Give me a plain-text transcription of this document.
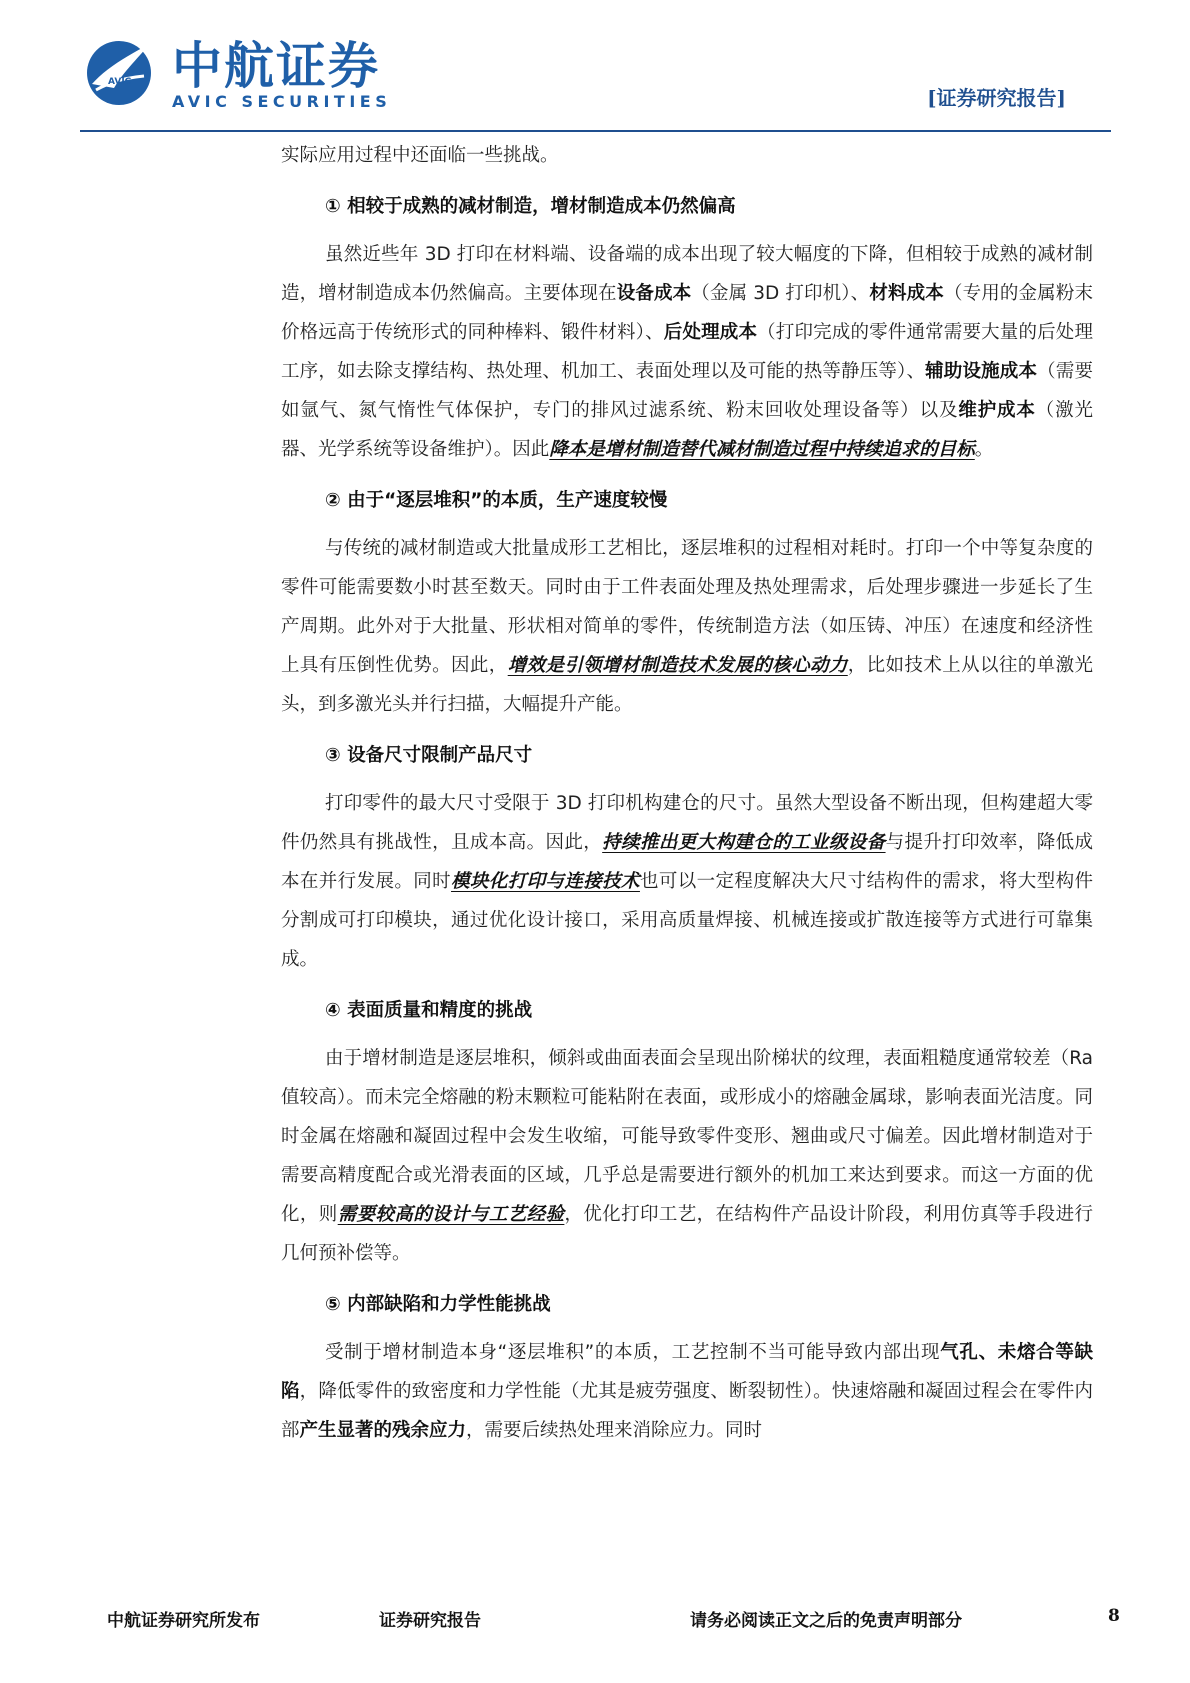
AVIC 中航证券
AVIC SECURITIES	[证券研究报告]

实际应用过程中还面临一些挑战。

① 相较于成熟的减材制造，增材制造成本仍然偏高

虽然近些年 3D 打印在材料端、设备端的成本出现了较大幅度的下降，但相较于成熟的减材制造，增材制造成本仍然偏高。主要体现在设备成本（金属 3D 打印机）、材料成本（专用的金属粉末价格远高于传统形式的同种棒料、锻件材料）、后处理成本（打印完成的零件通常需要大量的后处理工序，如去除支撑结构、热处理、机加工、表面处理以及可能的热等静压等）、辅助设施成本（需要如氩气、氮气惰性气体保护，专门的排风过滤系统、粉末回收处理设备等）以及维护成本（激光器、光学系统等设备维护）。因此降本是增材制造替代减材制造过程中持续追求的目标。

② 由于“逐层堆积”的本质，生产速度较慢

与传统的减材制造或大批量成形工艺相比，逐层堆积的过程相对耗时。打印一个中等复杂度的零件可能需要数小时甚至数天。同时由于工件表面处理及热处理需求，后处理步骤进一步延长了生产周期。此外对于大批量、形状相对简单的零件，传统制造方法（如压铸、冲压）在速度和经济性上具有压倒性优势。因此，增效是引领增材制造技术发展的核心动力，比如技术上从以往的单激光头，到多激光头并行扫描，大幅提升产能。

③ 设备尺寸限制产品尺寸

打印零件的最大尺寸受限于 3D 打印机构建仓的尺寸。虽然大型设备不断出现，但构建超大零件仍然具有挑战性，且成本高。因此，持续推出更大构建仓的工业级设备与提升打印效率，降低成本在并行发展。同时模块化打印与连接技术也可以一定程度解决大尺寸结构件的需求，将大型构件分割成可打印模块，通过优化设计接口，采用高质量焊接、机械连接或扩散连接等方式进行可靠集成。

④ 表面质量和精度的挑战

由于增材制造是逐层堆积，倾斜或曲面表面会呈现出阶梯状的纹理，表面粗糙度通常较差（Ra 值较高）。而未完全熔融的粉末颗粒可能粘附在表面，或形成小的熔融金属球，影响表面光洁度。同时金属在熔融和凝固过程中会发生收缩，可能导致零件变形、翘曲或尺寸偏差。因此增材制造对于需要高精度配合或光滑表面的区域，几乎总是需要进行额外的机加工来达到要求。而这一方面的优化，则需要较高的设计与工艺经验，优化打印工艺，在结构件产品设计阶段，利用仿真等手段进行几何预补偿等。

⑤ 内部缺陷和力学性能挑战

受制于增材制造本身“逐层堆积”的本质，工艺控制不当可能导致内部出现气孔、未熔合等缺陷，降低零件的致密度和力学性能（尤其是疲劳强度、断裂韧性）。快速熔融和凝固过程会在零件内部产生显著的残余应力，需要后续热处理来消除应力。同时

中航证券研究所发布	证券研究报告	请务必阅读正文之后的免责声明部分	8
